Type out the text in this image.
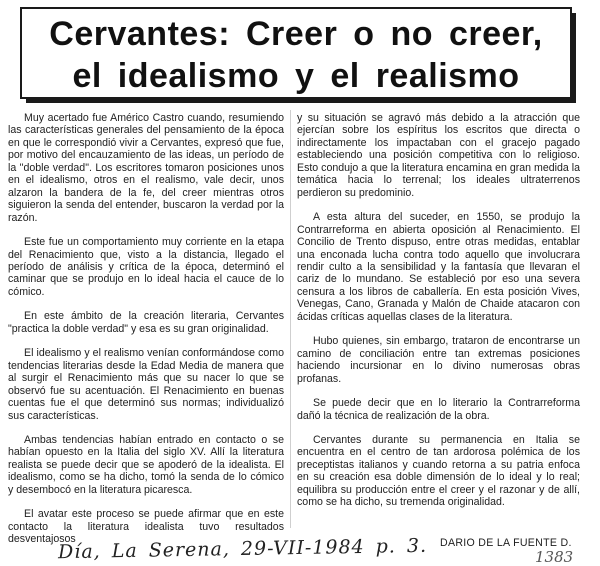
Cervantes: Creer o no creer,
el idealismo y el realismo

Muy acertado fue Américo Castro cuando, resumiendo las características generales del pensamiento de la época en que le correspondió vivir a Cervantes, expresó que fue, por motivo del encauzamiento de las ideas, un período de la "doble verdad". Los escritores tomaron posiciones unos en el idealismo, otros en el realismo, vale decir, unos alzaron la bandera de la fe, del creer mientras otros siguieron la senda del entender, buscaron la verdad por la razón.

Este fue un comportamiento muy corriente en la etapa del Renacimiento que, visto a la distancia, llegado el período de análisis y crítica de la época, determinó el caminar que se produjo en lo ideal hacia el cauce de lo cómico.

En este ámbito de la creación literaria, Cervantes "practica la doble verdad" y esa es su gran originalidad.

El idealismo y el realismo venían conformándose como tendencias literarias desde la Edad Media de manera que al surgir el Renacimiento más que su nacer lo que se observó fue su acentuación. El Renacimiento en buenas cuentas fue el que determinó sus normas; individualizó sus características.

Ambas tendencias habían entrado en contacto o se habían opuesto en la Italia del siglo XV. Allí la literatura realista se puede decir que se apoderó de la idealista. El idealismo, como se ha dicho, tomó la senda de lo cómico y desembocó en la literatura picaresca.

El avatar este proceso se puede afirmar que en este contacto la literatura idealista tuvo resultados desventajosos

y su situación se agravó más debido a la atracción que ejercían sobre los espíritus los escritos que directa o indirectamente los impactaban con el gracejo pagado estableciendo una posición competitiva con lo religioso. Esto condujo a que la literatura encamina en gran medida la temática hacia lo terrenal; los ideales ultraterrenos perdieron su predominio.

A esta altura del suceder, en 1550, se produjo la Contrarreforma en abierta oposición al Renacimiento. El Concilio de Trento dispuso, entre otras medidas, entablar una enconada lucha contra todo aquello que involucrara rendir culto a la sensibilidad y la fantasía que llevaran el cariz de lo mundano. Se estableció por eso una severa censura a los libros de caballería. En esta posición Vives, Venegas, Cano, Granada y Malón de Chaide atacaron con ácidas críticas aquellas clases de la literatura.

Hubo quienes, sin embargo, trataron de encontrarse un camino de conciliación entre tan extremas posiciones haciendo incursionar en lo divino numerosas obras profanas.

Se puede decir que en lo literario la Contrarreforma dañó la técnica de realización de la obra.

Cervantes durante su permanencia en Italia se encuentra en el centro de tan ardorosa polémica de los preceptistas italianos y cuando retorna a su patria enfoca en su creación esa doble dimensión de lo ideal y lo real; equilibra su producción entre el creer y el razonar y de allí, como se ha dicho, su tremenda originalidad.

DARIO DE LA FUENTE D.

Día, La Serena, 29-VII-1984 p. 3.	1383
